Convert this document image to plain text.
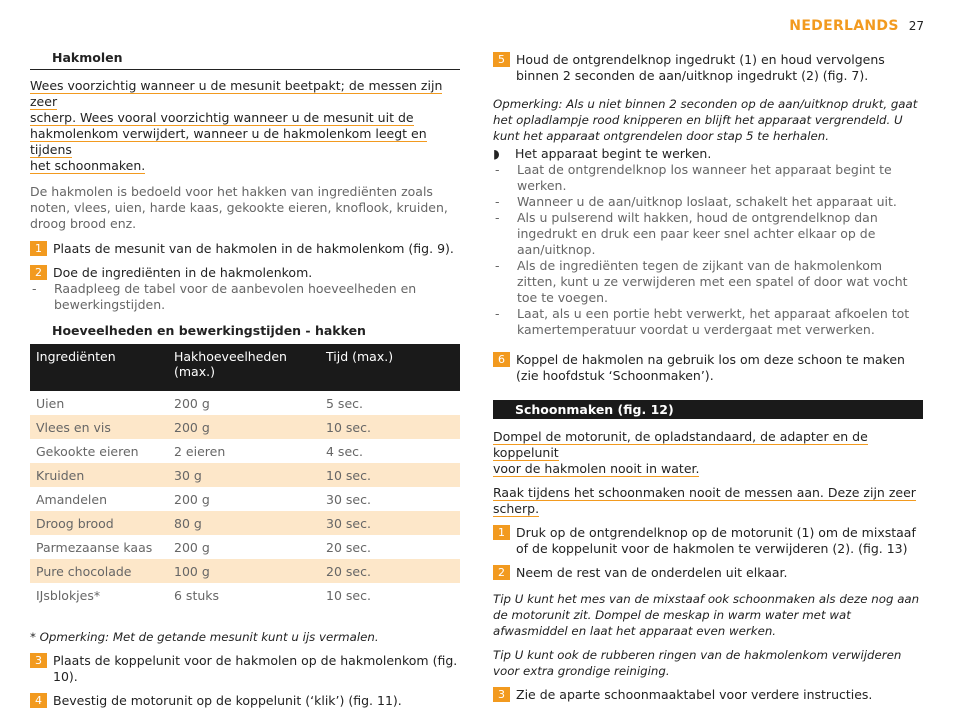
NEDERLANDS 27

Hakmolen

Wees voorzichtig wanneer u de mesunit beetpakt; de messen zijn zeer
scherp. Wees vooral voorzichtig wanneer u de mesunit uit de
hakmolenkom verwijdert, wanneer u de hakmolenkom leegt en tijdens
het schoonmaken.

De hakmolen is bedoeld voor het hakken van ingrediënten zoals noten, vlees, uien, harde kaas, gekookte eieren, knoflook, kruiden, droog brood enz.

1 Plaats de mesunit van de hakmolen in de hakmolenkom (fig. 9).
2 Doe de ingrediënten in de hakmolenkom.
-	Raadpleeg de tabel voor de aanbevolen hoeveelheden en bewerkingstijden.

Hoeveelheden en bewerkingstijden - hakken

Ingrediënten	Hakhoeveelheden (max.)	Tijd (max.)
Uien	200 g	5 sec.
Vlees en vis	200 g	10 sec.
Gekookte eieren	2 eieren	4 sec.
Kruiden	30 g	10 sec.
Amandelen	200 g	30 sec.
Droog brood	80 g	30 sec.
Parmezaanse kaas	200 g	20 sec.
Pure chocolade	100 g	20 sec.
IJsblokjes*	6 stuks	10 sec.

* Opmerking: Met de getande mesunit kunt u ijs vermalen.

3 Plaats de koppelunit voor de hakmolen op de hakmolenkom (fig. 10).
4 Bevestig de motorunit op de koppelunit (‘klik’) (fig. 11).
5 Houd de ontgrendelknop ingedrukt (1) en houd vervolgens binnen 2 seconden de aan/uitknop ingedrukt (2) (fig. 7).

Opmerking: Als u niet binnen 2 seconden op de aan/uitknop drukt, gaat het opladlampje rood knipperen en blijft het apparaat vergrendeld. U kunt het apparaat ontgrendelen door stap 5 te herhalen.

◗	Het apparaat begint te werken.
-	Laat de ontgrendelknop los wanneer het apparaat begint te werken.
-	Wanneer u de aan/uitknop loslaat, schakelt het apparaat uit.
-	Als u pulserend wilt hakken, houd de ontgrendelknop dan ingedrukt en druk een paar keer snel achter elkaar op de aan/uitknop.
-	Als de ingrediënten tegen de zijkant van de hakmolenkom zitten, kunt u ze verwijderen met een spatel of door wat vocht toe te voegen.
-	Laat, als u een portie hebt verwerkt, het apparaat afkoelen tot kamertemperatuur voordat u verdergaat met verwerken.
6 Koppel de hakmolen na gebruik los om deze schoon te maken (zie hoofdstuk ‘Schoonmaken’).
Schoonmaken (fig. 12)
Dompel de motorunit, de opladstandaard, de adapter en de koppelunit
voor de hakmolen nooit in water.
Raak tijdens het schoonmaken nooit de messen aan. Deze zijn zeer
scherp.
1 Druk op de ontgrendelknop op de motorunit (1) om de mixstaaf of de koppelunit voor de hakmolen te verwijderen (2). (fig. 13)
2 Neem de rest van de onderdelen uit elkaar.

Tip U kunt het mes van de mixstaaf ook schoonmaken als deze nog aan de motorunit zit. Dompel de meskap in warm water met wat afwasmiddel en laat het apparaat even werken.

Tip U kunt ook de rubberen ringen van de hakmolenkom verwijderen voor extra grondige reiniging.

3 Zie de aparte schoonmaaktabel voor verdere instructies.
